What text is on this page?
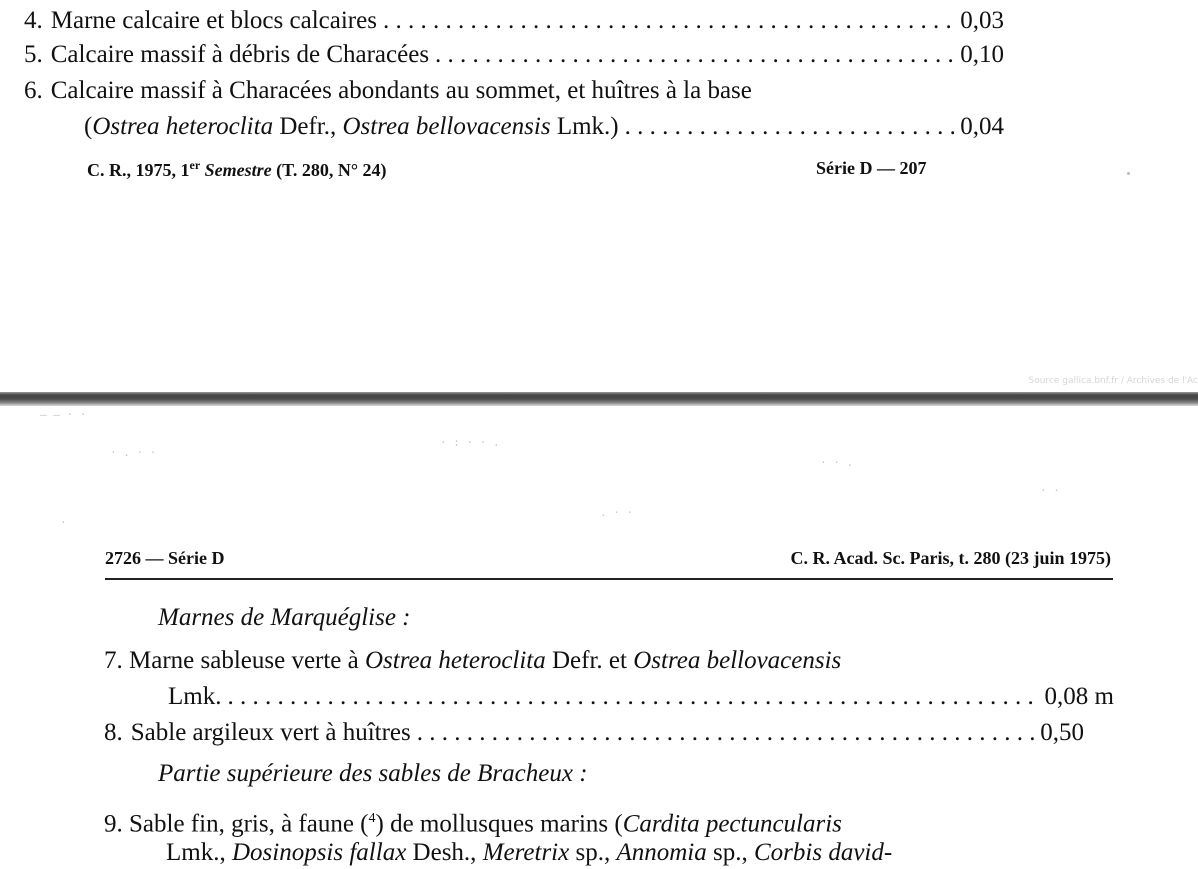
4. Marne calcaire et blocs calcaires . . .	0,03
5. Calcaire massif à débris de Characées . . .	0,10
6. Calcaire massif à Characées abondants au sommet, et huîtres à la base
(Ostrea heteroclita Defr., Ostrea bellovacensis Lmk.) . . .	0,04
C. R., 1975, 1er Semestre (T. 280, N° 24)	Série D — 207
Source gallica.bnf.fr / Archives de l'Ac
— — · ·
· . · ·
· : · · .
· · .
· ·
·
. · ·
2726 — Série D	C. R. Acad. Sc. Paris, t. 280 (23 juin 1975)
Marnes de Marquéglise :
7. Marne sableuse verte à Ostrea heteroclita Defr. et Ostrea bellovacensis
Lmk. . . .	0,08 m
8. Sable argileux vert à huîtres . . .	0,50
Partie supérieure des sables de Bracheux :
9. Sable fin, gris, à faune ($^4$) de mollusques marins (Cardita pectuncularis
Lmk., Dosinopsis fallax Desh., Meretrix sp., Annomia sp., Corbis david-
